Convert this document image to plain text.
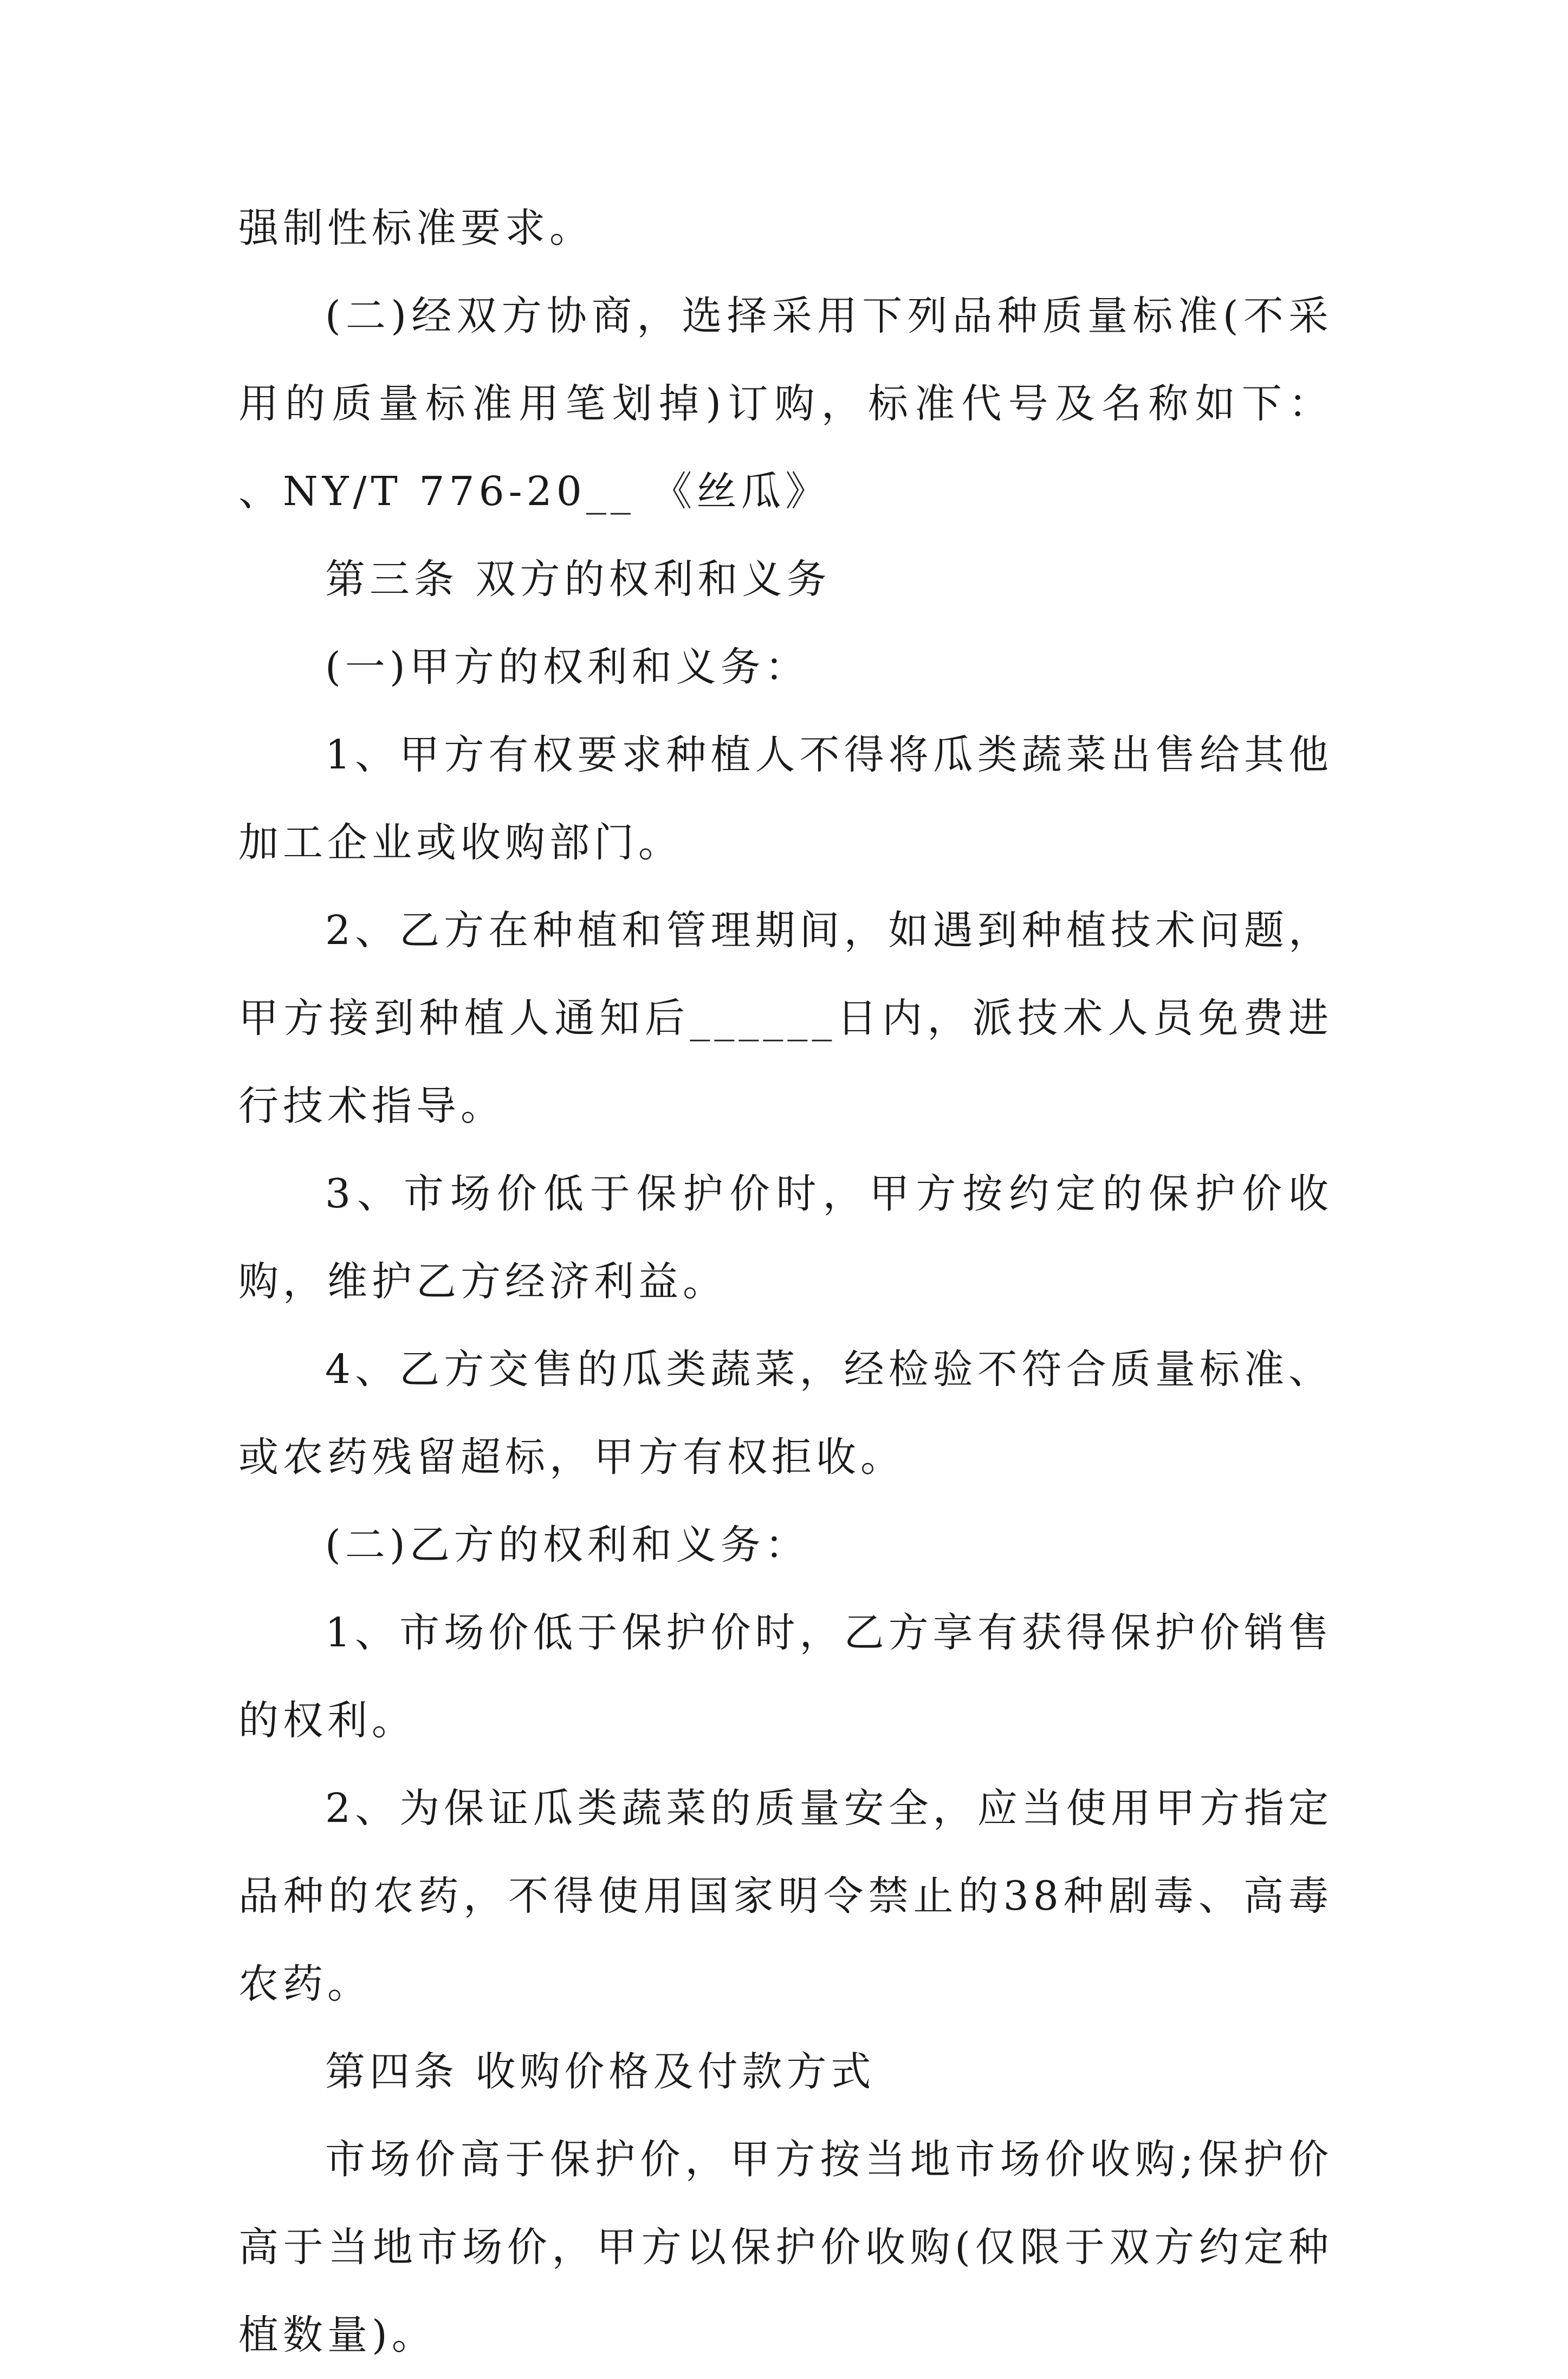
强制性标准要求。

(二)经双方协商，选择采用下列品种质量标准(不采用的质量标准用笔划掉)订购，标准代号及名称如下： 、NY/T 776-20__ 《丝瓜》

第三条 双方的权利和义务

(一)甲方的权利和义务：

1、甲方有权要求种植人不得将瓜类蔬菜出售给其他加工企业或收购部门。

2、乙方在种植和管理期间，如遇到种植技术问题，甲方接到种植人通知后______日内，派技术人员免费进行技术指导。

3、市场价低于保护价时，甲方按约定的保护价收购，维护乙方经济利益。

4、乙方交售的瓜类蔬菜，经检验不符合质量标准、或农药残留超标，甲方有权拒收。

(二)乙方的权利和义务：

1、市场价低于保护价时，乙方享有获得保护价销售的权利。

2、为保证瓜类蔬菜的质量安全，应当使用甲方指定品种的农药，不得使用国家明令禁止的38种剧毒、高毒农药。

第四条 收购价格及付款方式

市场价高于保护价，甲方按当地市场价收购;保护价高于当地市场价，甲方以保护价收购(仅限于双方约定种植数量)。
